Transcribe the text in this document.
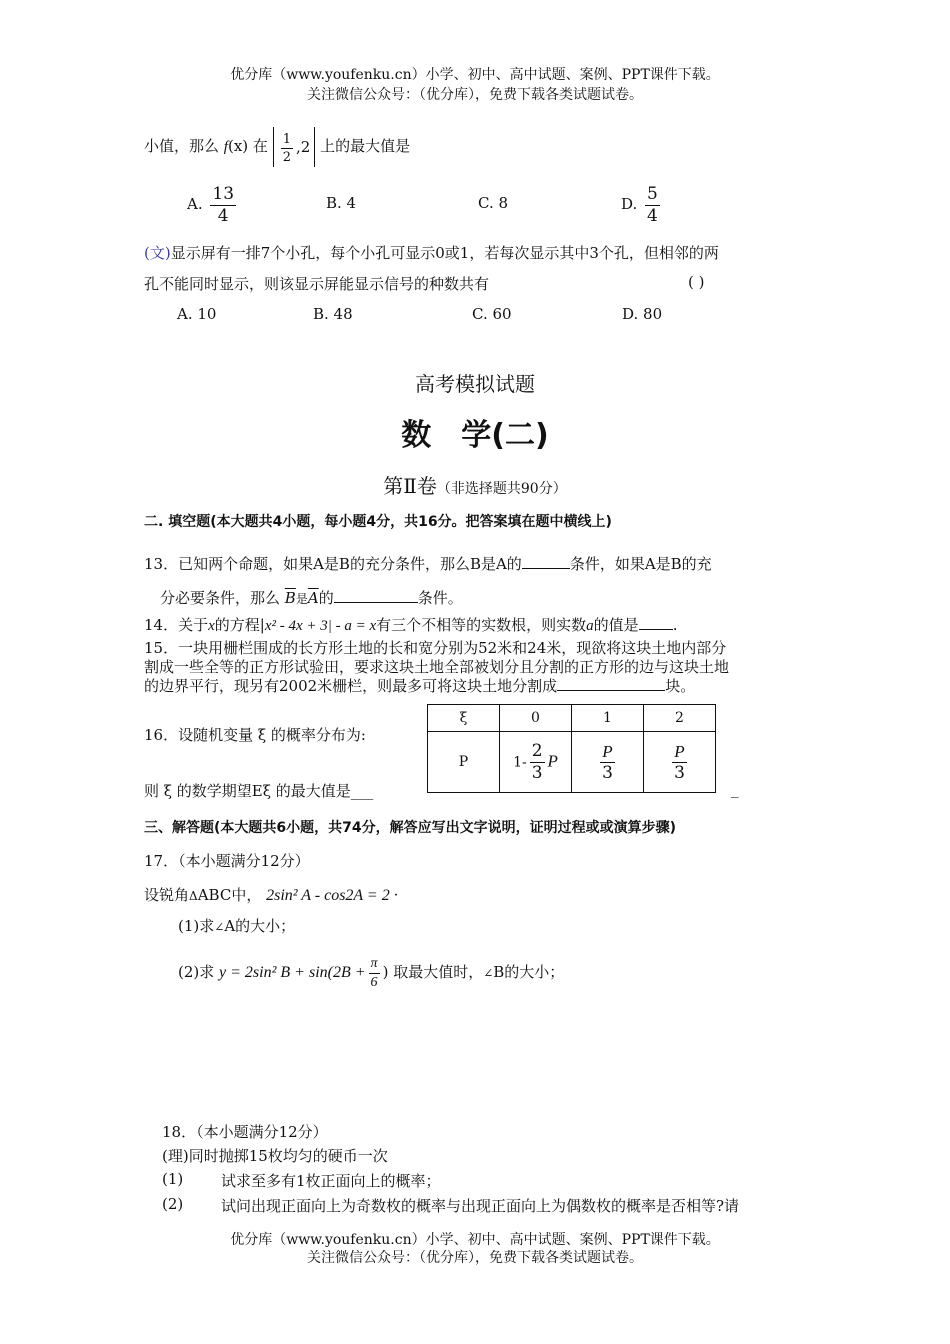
优分库（www.youfenku.cn）小学、初中、高中试题、案例、PPT课件下载。
关注微信公众号：（优分库），免费下载各类试题试卷。
小值，那么 f(x) 在 $\frac{1}{2} ,2$ 上的最大值是
A. $\frac{13}{4}$	B. 4	C. 8	D. $\frac{5}{4}$
(文)显示屏有一排7个小孔，每个小孔可显示0或1，若每次显示其中3个孔，但相邻的两
孔不能同时显示，则该显示屏能显示信号的种数共有	( )
A. 10	B. 48	C. 60	D. 80
高考模拟试题
数　学(二)
第Ⅱ卷（非选择题共90分）
二. 填空题(本大题共4小题，每小题4分，共16分。把答案填在题中横线上)
13．已知两个命题，如果A是B的充分条件，那么B是A的	条件，如果A是B的充
分必要条件，那么 $\overline{B}$是$\overline{A}$的	条件。
14．关于x的方程|x² - 4x + 3| - a = x有三个不相等的实数根，则实数a的值是 .
15．一块用栅栏围成的长方形土地的长和宽分别为52米和24米，现欲将这块土地内部分
割成一些全等的正方形试验田，要求这块土地全部被划分且分割的正方形的边与这块土地
的边界平行，现另有2002米栅栏，则最多可将这块土地分割成	块。
16．设随机变量 ξ 的概率分布为:
则 ξ 的数学期望Eξ 的最大值是___	_
ξ	0	1	2
P	$1- \frac{2}{3}$ P	$\frac{P}{3}$	$\frac{P}{3}$
三、解答题(本大题共6小题，共74分，解答应写出文字说明，证明过程或或演算步骤)
17．（本小题满分12分）
设锐角ΔABC中， 2sin² A - cos2A = 2 ·
(1)求∠A的大小；
(2)求 y = 2sin² $B + \sin(2B + \frac{\pi}{6}$ ) 取最大值时，∠B的大小；
18．（本小题满分12分）
(理)同时抛掷15枚均匀的硬币一次
(1)	试求至多有1枚正面向上的概率；
(2)	试问出现正面向上为奇数枚的概率与出现正面向上为偶数枚的概率是否相等?请
优分库（www.youfenku.cn）小学、初中、高中试题、案例、PPT课件下载。
关注微信公众号：（优分库），免费下载各类试题试卷。
